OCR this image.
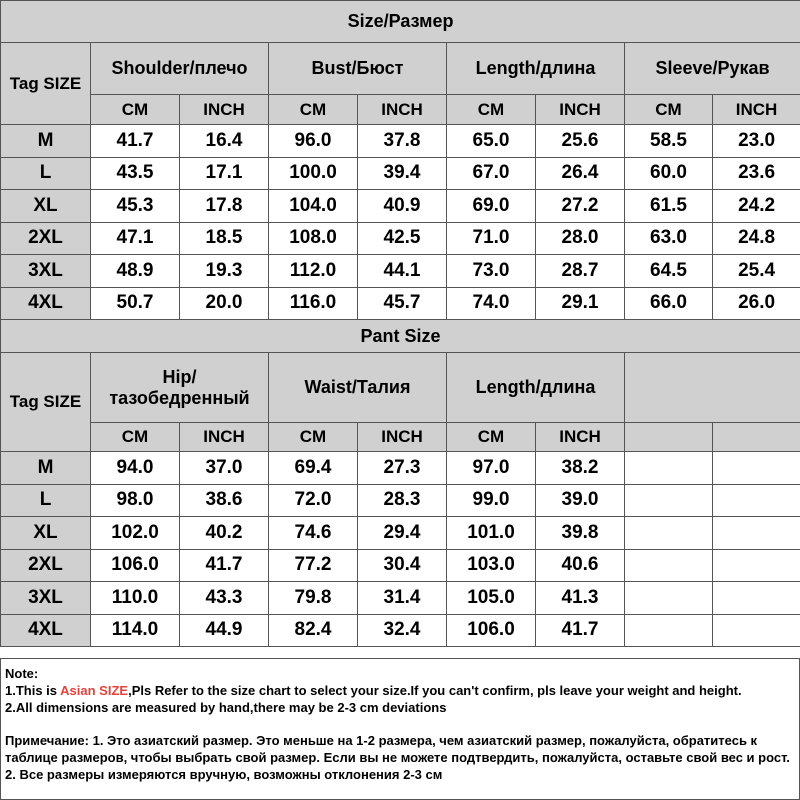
Size/Размер								
Tag SIZE	Shoulder/плечо		Bust/Бюст		Length/длина		Sleeve/Рукав	
	CM	INCH	CM	INCH	CM	INCH	CM	INCH
M	41.7	16.4	96.0	37.8	65.0	25.6	58.5	23.0
L	43.5	17.1	100.0	39.4	67.0	26.4	60.0	23.6
XL	45.3	17.8	104.0	40.9	69.0	27.2	61.5	24.2
2XL	47.1	18.5	108.0	42.5	71.0	28.0	63.0	24.8
3XL	48.9	19.3	112.0	44.1	73.0	28.7	64.5	25.4
4XL	50.7	20.0	116.0	45.7	74.0	29.1	66.0	26.0
Pant Size								
Tag SIZE	Hip/ тазобедренный		Waist/Талия		Length/длина			
	CM	INCH	CM	INCH	CM	INCH		
M	94.0	37.0	69.4	27.3	97.0	38.2		
L	98.0	38.6	72.0	28.3	99.0	39.0		
XL	102.0	40.2	74.6	29.4	101.0	39.8		
2XL	106.0	41.7	77.2	30.4	103.0	40.6		
3XL	110.0	43.3	79.8	31.4	105.0	41.3		
4XL	114.0	44.9	82.4	32.4	106.0	41.7		

Note:

1.This is Asian SIZE,Pls Refer to the size chart to select your size.If you can't confirm, pls leave your weight and height.

2.All dimensions are measured by hand,there may be 2-3 cm deviations

Примечание: 1. Это азиатский размер. Это меньше на 1-2 размера, чем азиатский размер, пожалуйста, обратитесь к таблице размеров, чтобы выбрать свой размер. Если вы не можете подтвердить, пожалуйста, оставьте свой вес и рост. 2. Все размеры измеряются вручную, возможны отклонения 2-3 см
